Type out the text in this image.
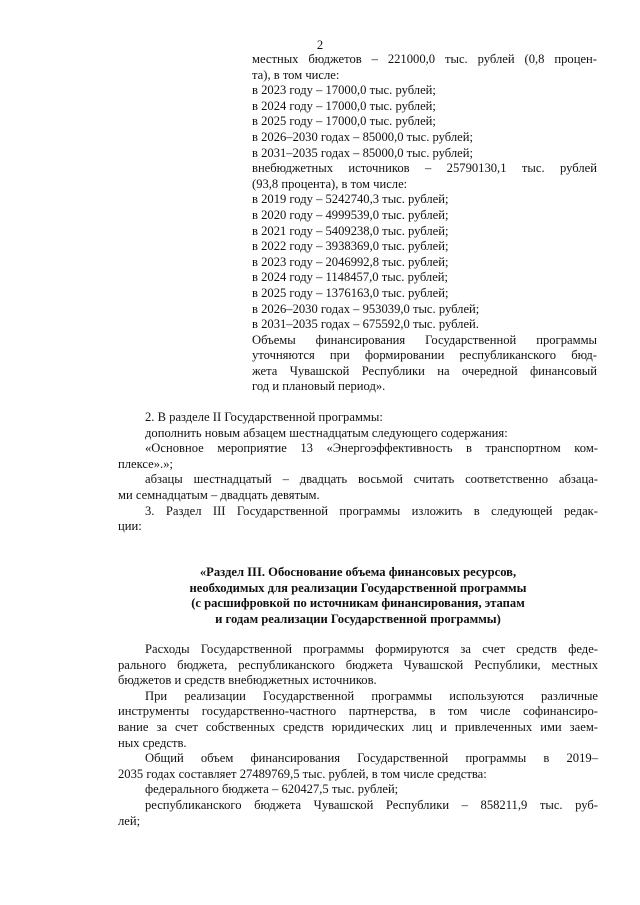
2
местных бюджетов – 221000,0 тыс. рублей (0,8 процен-
та), в том числе:
в 2023 году – 17000,0 тыс. рублей;
в 2024 году – 17000,0 тыс. рублей;
в 2025 году – 17000,0 тыс. рублей;
в 2026–2030 годах – 85000,0 тыс. рублей;
в 2031–2035 годах – 85000,0 тыс. рублей;
внебюджетных источников – 25790130,1 тыс. рублей
(93,8 процента), в том числе:
в 2019 году – 5242740,3 тыс. рублей;
в 2020 году – 4999539,0 тыс. рублей;
в 2021 году – 5409238,0 тыс. рублей;
в 2022 году – 3938369,0 тыс. рублей;
в 2023 году – 2046992,8 тыс. рублей;
в 2024 году – 1148457,0 тыс. рублей;
в 2025 году – 1376163,0 тыс. рублей;
в 2026–2030 годах – 953039,0 тыс. рублей;
в 2031–2035 годах – 675592,0 тыс. рублей.
Объемы финансирования Государственной программы
уточняются при формировании республиканского бюд-
жета Чувашской Республики на очередной финансовый
год и плановый период».
2. В разделе II Государственной программы:
дополнить новым абзацем шестнадцатым следующего содержания:
«Основное мероприятие 13 «Энергоэффективность в транспортном ком-
плексе».»;
абзацы шестнадцатый – двадцать восьмой считать соответственно абзаца-
ми семнадцатым – двадцать девятым.
3. Раздел III Государственной программы изложить в следующей редак-
ции:
«Раздел III. Обоснование объема финансовых ресурсов,
необходимых для реализации Государственной программы
(с расшифровкой по источникам финансирования, этапам
и годам реализации Государственной программы)
Расходы Государственной программы формируются за счет средств феде-
рального бюджета, республиканского бюджета Чувашской Республики, местных
бюджетов и средств внебюджетных источников.
При реализации Государственной программы используются различные
инструменты государственно-частного партнерства, в том числе софинансиро-
вание за счет собственных средств юридических лиц и привлеченных ими заем-
ных средств.
Общий объем финансирования Государственной программы в 2019–
2035 годах составляет 27489769,5 тыс. рублей, в том числе средства:
федерального бюджета – 620427,5 тыс. рублей;
республиканского бюджета Чувашской Республики – 858211,9 тыс. руб-
лей;
